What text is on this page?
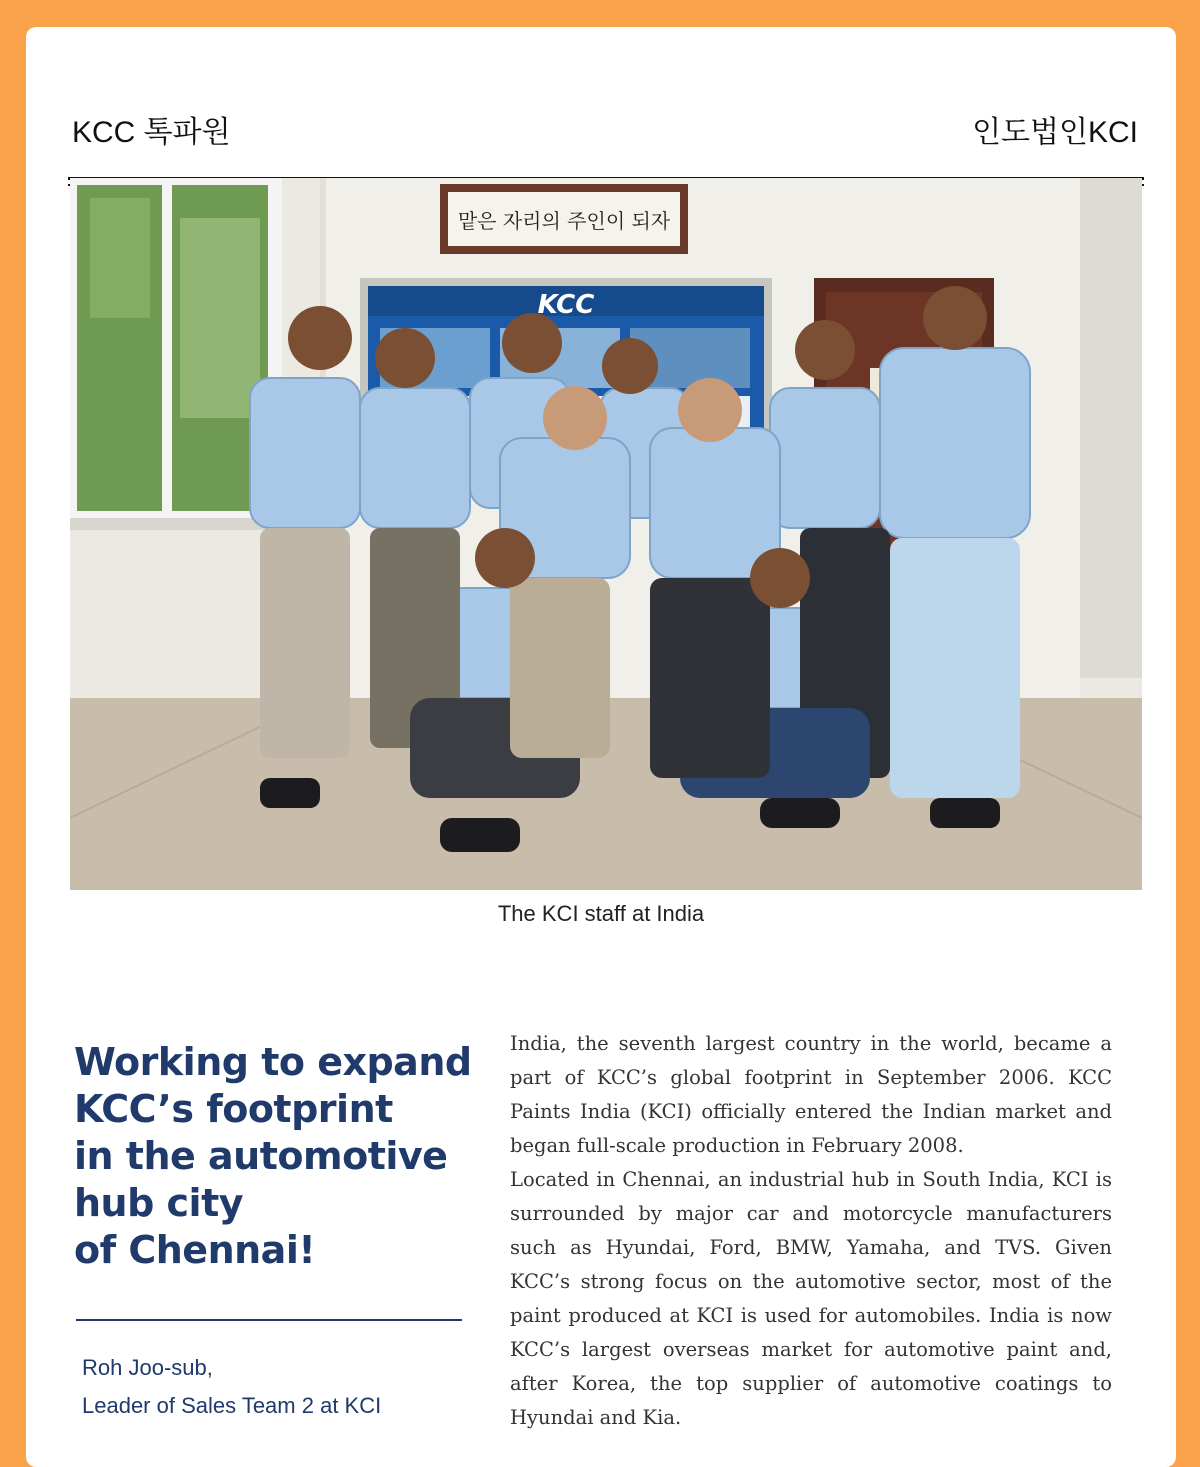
KCC 톡파원	인도법인KCI
맡은 자리의 주인이 되자
KCC
The KCI staff at India
Working to expand
KCC’s footprint
in the automotive
hub city
of Chennai!
Roh Joo-sub,
Leader of Sales Team 2 at KCI

India, the seventh largest country in the world, became a part of KCC’s global footprint in September 2006. KCC Paints India (KCI) officially entered the Indian market and began full-scale production in February 2008.

Located in Chennai, an industrial hub in South India, KCI is surrounded by major car and motorcycle manufacturers such as Hyundai, Ford, BMW, Yamaha, and TVS. Given KCC’s strong focus on the automotive sector, most of the paint produced at KCI is used for automobiles. India is now KCC’s largest overseas market for automotive paint and, after Korea, the top supplier of automotive coatings to Hyundai and Kia.
